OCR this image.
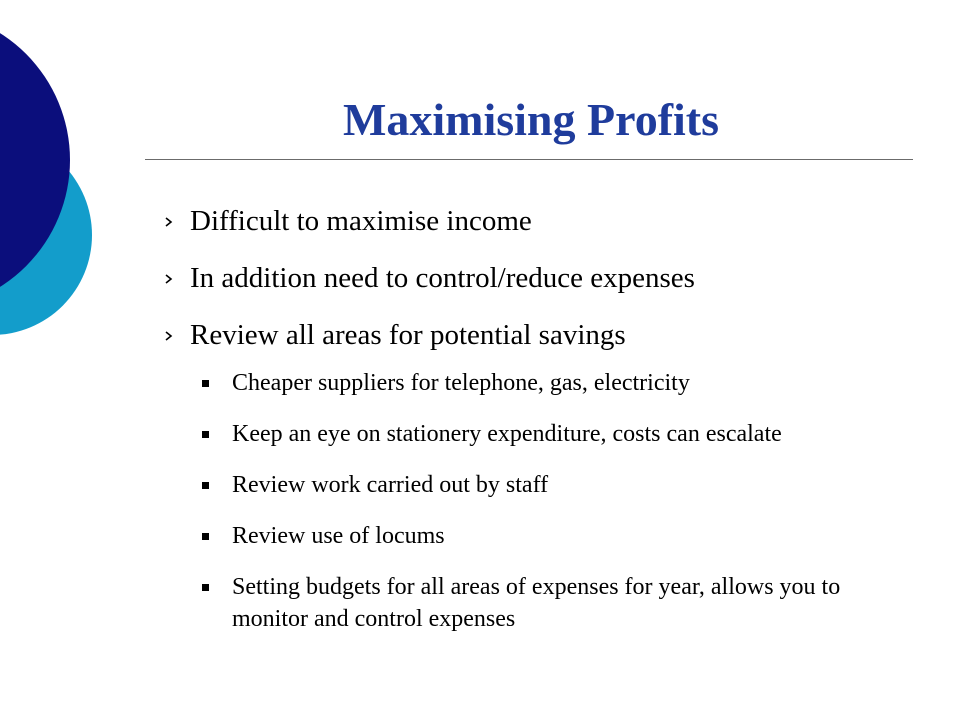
Maximising Profits
Difficult to maximise income
In addition need to control/reduce expenses
Review all areas for potential savings
Cheaper suppliers for telephone, gas, electricity
Keep an eye on stationery expenditure, costs can escalate
Review work carried out by staff
Review use of locums
Setting budgets for all areas of expenses for year, allows you to monitor and control expenses
